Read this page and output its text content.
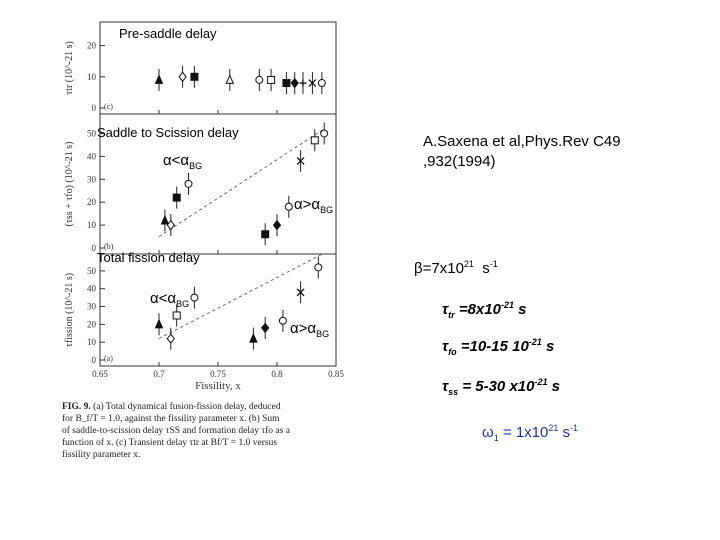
20
10
0 (c)
τtr (10^-21 s)
50
40
30
20
10
0 (b)
(τss + τfo) (10^-21 s)
50
40
30
20
10
0 (a)
τfission (10^-21 s)
0.65	0.7	0.75	0.8	0.85
Fissility, x
Pre-saddle delay
Saddle to Scission delay
$\alpha<\alpha_{BG}$
$\alpha>\alpha_{BG}$
Total fission delay
$\alpha<\alpha_{BG}$
$\alpha>\alpha_{BG}$
A.Saxena et al,Phys.Rev C49
,932(1994)
$\beta=7x10^{21}$ $s^{-1}$
$\tau_{tr} =8x10^{-21}$ s
$\tau_{fo} =10-15$ $10^{-21}$ s
$\tau_{ss} = 5-30$ $x10^{-21}$ s
$\omega_1 = 1x10^{21}$ $s^{-1}$
FIG. 9. (a) Total dynamical fusion-fission delay, deduced
for B_f/T = 1.0, against the fissility parameter x. (b) Sum
of saddle-to-scission delay τSS and formation delay τfo as a
function of x. (c) Transient delay τtr at Bf/T = 1.0 versus
fissility parameter x.
